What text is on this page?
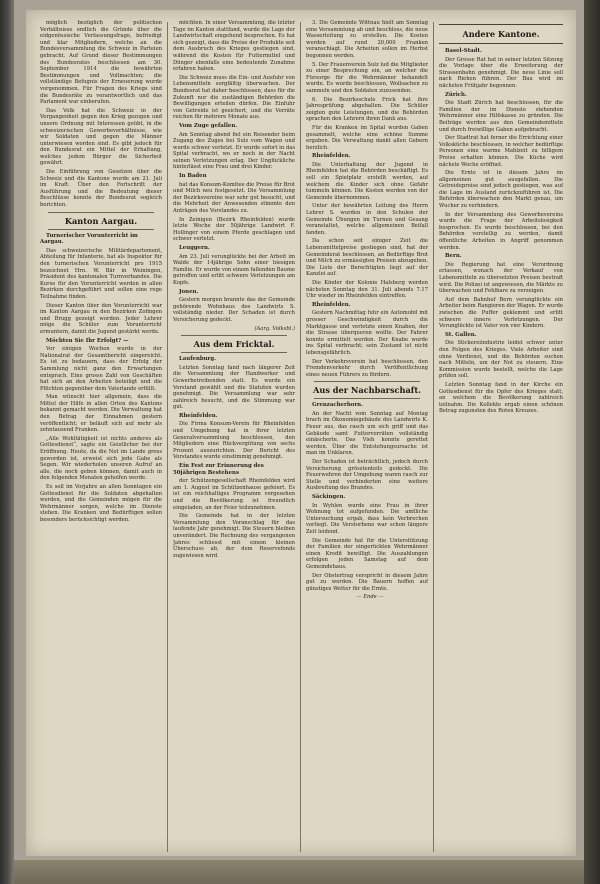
möglich bezüglich der politischen Verhältnisse endlich die Gründe über die eidgenössische Verfassungsfrage, befriedigt und klar Mitgliedern, welche an die Bundesversammlung die Schweiz in Parteien gebracht. Auf Grund dieser Bestimmungen des Bundesrates beschlossen am 30. September 1914 die bewährten Bestimmungen und Vollmachten; die vollständige Befugnis der Erneuerung wurde vorgenommen. Für Fragen des Kriegs sind die Bundesräte zu verantwortlich und das Parlament war einberufen.

Das Volk hat die Schweiz in der Vergangenheit gegen den Krieg gezogen und unsere Ordnung mit Interessen geübt, in die schweizerischen Gewerbeverhältnisse, wie wir Soldaten und gegen die Männer unterwiesen worden sind. Es gibt jedoch für den Bundesrat ein Mittel der Erhaltung, welches jedem Bürger die Sicherheit gewährt.

Die Einführung von Gesetzen über die Schweiz und die Kantone wurde am 21. Juli im Kraft. Über den Fortschritt der Ausführung und die Bedeutung dieser Beschlüsse konnte der Bundesrat sogleich berichten.

Kanton Aargau.

Turnerischer Vorunterricht im Aargau.

Das schweizerische Militärdepartement, Abteilung für Infanterie, hat als Inspektor für den turnerischen Vorunterricht pro 1915 bezeichnet Hrn. W. Bär in Weiningen, Präsident des kantonalen Turnverbandes. Die Kurse für den Vorunterricht werden in allen Bezirken durchgeführt und sollen eine rege Teilnahme finden.

Dieser Kanton über den Vorunterricht war im Kanton Aargau in den Bezirken Zofingen und Brugg gezeigt worden. Jeder Lehrer möge die Schüler zum Vorunterricht ermuntern, damit die Jugend gestärkt werde.

Möchten Sie Ihr Erfolgt? —

Vor einigen Wochen wurde in der Nationalrat der Gesamtbericht eingereicht. Es ist zu bedauern, dass der Erfolg der Sammlung nicht ganz den Erwartungen entsprach. Eine grosse Zahl von Geschäften hat sich an den Arbeiten beteiligt und die Pflichten gegenüber dem Vaterlande erfüllt.

Man wünscht hier allgemein, dass die Mittel der Hilfe in allen Orten des Kantons bekannt gemacht werden. Die Verwaltung hat den Betrag der Einnahmen gestern veröffentlicht; er beläuft sich auf mehr als zehntausend Franken.

„Alle Wohltätigkeit ist nichts anderes als Gottesdienst“, sagte ein Geistlicher bei der Eröffnung. Heute, da die Not im Lande gross geworden ist, erweist sich jede Gabe als Segen. Wir wiederholen unseren Aufruf an alle, die noch geben können, damit auch in den folgenden Monaten geholfen werde.

Es soll im Vorjahre an allen Sonntagen ein Gottesdienst für die Soldaten abgehalten werden, und die Gemeinden mögen für die Wehrmänner sorgen, welche im Dienste stehen. Die Kranken und Bedürftigen sollen besonders berücksichtigt werden.

möchten. In einer Versammlung, die letzter Tage im Kanton stattfand, wurde die Lage der Landwirtschaft eingehend besprochen. Es hat sich gezeigt, dass die Preise der Produkte seit dem Ausbruch des Krieges gestiegen sind, während die Kosten für Futtermittel und Dünger ebenfalls eine bedeutende Zunahme erfahren haben.

Die Schweiz muss die Ein- und Ausfuhr von Lebensmitteln sorgfältig überwachen. Der Bundesrat hat daher beschlossen, dass für die Zukunft nur die zuständigen Behörden die Bewilligungen erteilen dürfen. Die Einfuhr von Getreide ist gesichert, und die Vorräte reichen für mehrere Monate aus.

Vom Zuge gefallen.

Am Sonntag abend fiel ein Reisender beim Zugang des Zuges bei Sulz vom Wagen und wurde schwer verletzt. Er wurde sofort in das Spital verbracht, wo er noch in der Nacht seinen Verletzungen erlag. Der Unglückliche hinterlässt eine Frau und drei Kinder.

In Baden

hat das Konsum-Komitee die Preise für Brot und Milch neu festgesetzt. Die Versammlung der Bezirksvereine war sehr gut besucht, und die Mehrheit der Anwesenden stimmte den Anträgen des Vorstandes zu.

In Zeinigen (Bezirk Rheinfelden) wurde letzte Woche der 50jährige Landwirt F. Hollinger von einem Pferde geschlagen und schwer verletzt.

Leuggern.

Am 23. Juli verunglückte bei der Arbeit im Walde der 14jährige Sohn einer hiesigen Familie. Er wurde von einem fallenden Baume getroffen und erlitt schwere Verletzungen am Kopfe.

Jonen.

Gestern morgen brannte das der Gemeinde gehörende Wohnhaus des Landwirts S. vollständig nieder. Der Schaden ist durch Versicherung gedeckt.

(Aarg. Volksbl.)

Aus dem Fricktal.

Laufenburg.

Letzten Sonntag fand nach längerer Zeit die Versammlung der Handwerker und Gewerbetreibenden statt. Es wurde ein Vorstand gewählt und die Statuten wurden genehmigt. Die Versammlung war sehr zahlreich besucht, und die Stimmung war gut.

Rheinfelden.

Die Firma Konsum-Verein für Rheinfelden und Umgebung hat in ihrer letzten Generalversammlung beschlossen, den Mitgliedern eine Rückvergütung von sechs Prozent auszurichten. Der Bericht des Vorstandes wurde einstimmig genehmigt.

Ein Fest zur Erinnerung des 50jährigen Bestehens

der Schützengesellschaft Rheinfelden wird am 1. August im Schützenhause gefeiert. Es ist ein reichhaltiges Programm vorgesehen und die Bevölkerung ist freundlich eingeladen, an der Feier teilzunehmen.

Die Gemeinde hat in der letzten Versammlung den Voranschlag für das laufende Jahr genehmigt. Die Steuern bleiben unverändert. Die Rechnung des vergangenen Jahres schliesst mit einem kleinen Überschuss ab, der dem Reservefonds zugewiesen wird.

3. Die Gemeinde Wittnau hielt am Sonntag eine Versammlung ab und beschloss, die neue Wasserleitung zu erstellen. Die Kosten werden auf rund 20,000 Franken veranschlagt. Die Arbeiten sollen im Herbst begonnen werden.

5. Der Frauenverein Sulz lud die Mitglieder zu einer Besprechung ein, an welcher die Fürsorge für die Wehrmänner behandelt wurde. Es wurde beschlossen, Wollsachen zu sammeln und den Soldaten zuzusenden.

6. Die Bezirksschule Frick hat ihre Jahresprüfung abgehalten. Die Schüler zeigten gute Leistungen, und die Behörden sprachen den Lehrern ihren Dank aus.

Für die Kranken im Spital wurden Gaben gesammelt, welche eine schöne Summe ergaben. Die Verwaltung dankt allen Gebern herzlich.

Rheinfelden.

Die Unterhaltung der Jugend in Rheinfelden hat die Behörden beschäftigt. Es soll ein Spielplatz erstellt werden, auf welchem die Kinder sich ohne Gefahr tummeln können. Die Kosten werden von der Gemeinde übernommen.

Unter der bewährten Leitung des Herrn Lehrer S. wurden in den Schulen der Gemeinde Übungen im Turnen und Gesang veranstaltet, welche allgemeinen Beifall fanden.

Da schon seit einiger Zeit die Lebensmittelpreise gestiegen sind, hat der Gemeinderat beschlossen, an Bedürftige Brot und Milch zu ermässigten Preisen abzugeben. Die Liste der Berechtigten liegt auf der Kanzlei auf.

Die Kinder der Kolonie Halsberg werden nächsten Sonntag den 31. Juli abends 7.17 Uhr wieder im Rheinfelden eintreffen.

Rheinfelden.

Gestern Nachmittag fuhr ein Automobil mit grosser Geschwindigkeit durch die Marktgasse und verletzte einen Knaben, der die Strasse überqueren wollte. Der Fahrer konnte ermittelt werden. Der Knabe wurde ins Spital verbracht; sein Zustand ist nicht lebensgefährlich.

Der Verkehrsverein hat beschlossen, den Fremdenverkehr durch Veröffentlichung eines neuen Führers zu fördern.

Aus der Nachbarschaft.

Grenzacherhorn.

An der Nacht vom Sonntag auf Montag brach im Ökonomiegebäude des Landwirts K. Feuer aus, das rasch um sich griff und das Gebäude samt Futtervorräten vollständig einäscherte. Das Vieh konnte gerettet werden. Über die Entstehungsursache ist man im Unklaren.

Der Schaden ist beträchtlich, jedoch durch Versicherung grösstenteils gedeckt. Die Feuerwehren der Umgebung waren rasch zur Stelle und verhinderten eine weitere Ausbreitung des Brandes.

Säckingen.

In Wyhlen wurde eine Frau in ihrer Wohnung tot aufgefunden. Die amtliche Untersuchung ergab, dass kein Verbrechen vorliegt. Die Verstorbene war schon längere Zeit leidend.

Die Gemeinde hat für die Unterstützung der Familien der eingerückten Wehrmänner einen Kredit bewilligt. Die Auszahlungen erfolgen jeden Samstag auf dem Gemeindehaus.

Der Obstertrag verspricht in diesem Jahre gut zu werden. Die Bauern hoffen auf günstiges Wetter für die Ernte.

— Ende —

Andere Kantone.

Basel-Stadt.

Der Grosse Rat hat in seiner letzten Sitzung die Vorlage über die Erweiterung der Strassenbahn genehmigt. Die neue Linie soll nach Riehen führen. Der Bau wird im nächsten Frühjahr begonnen.

Zürich.

Die Stadt Zürich hat beschlossen, für die Familien der im Dienste stehenden Wehrmänner eine Hilfskasse zu gründen. Die Beiträge werden aus den Gemeindemitteln und durch freiwillige Gaben aufgebracht.

Der Stadtrat hat ferner die Errichtung einer Volksküche beschlossen, in welcher bedürftige Personen eine warme Mahlzeit zu billigem Preise erhalten können. Die Küche wird nächste Woche eröffnet.

Die Ernte ist in diesem Jahre im allgemeinen gut ausgefallen. Die Getreidepreise sind jedoch gestiegen, was auf die Lage im Ausland zurückzuführen ist. Die Behörden überwachen den Markt genau, um Wucher zu verhindern.

In der Versammlung des Gewerbevereins wurde die Frage der Arbeitslosigkeit besprochen. Es wurde beschlossen, bei den Behörden vorstellig zu werden, damit öffentliche Arbeiten in Angriff genommen werden.

Bern.

Die Regierung hat eine Verordnung erlassen, wonach der Verkauf von Lebensmitteln zu übersetzten Preisen bestraft wird. Die Polizei ist angewiesen, die Märkte zu überwachen und Fehlbare zu verzeigen.

Auf dem Bahnhof Bern verunglückte ein Arbeiter beim Rangieren der Wagen. Er wurde zwischen die Puffer geklemmt und erlitt schwere innere Verletzungen. Der Verunglückte ist Vater von vier Kindern.

St. Gallen.

Die Stickereiindustrie leidet schwer unter den Folgen des Krieges. Viele Arbeiter sind ohne Verdienst, und die Behörden suchen nach Mitteln, um der Not zu steuern. Eine Kommission wurde bestellt, welche die Lage prüfen soll.

Letzten Sonntag fand in der Kirche ein Gottesdienst für die Opfer des Krieges statt, an welchem die Bevölkerung zahlreich teilnahm. Die Kollekte ergab einen schönen Betrag zugunsten des Roten Kreuzes.
